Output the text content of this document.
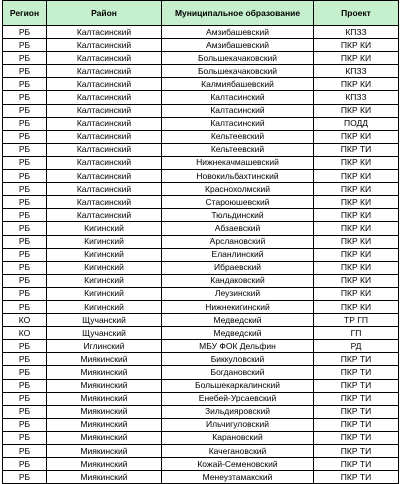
Регион	Район	Муниципальное образование	Проект
РБ	Калтасинский	Амзибашевский	КПЗЗ
РБ	Калтасинский	Амзибашевский	ПКР КИ
РБ	Калтасинский	Большекачаковский	ПКР КИ
РБ	Калтасинский	Большекачаковский	КПЗЗ
РБ	Калтасинский	Калмиябашевский	ПКР КИ
РБ	Калтасинский	Калтасинский	КПЗЗ
РБ	Калтасинский	Калтасинский	ПКР КИ
РБ	Калтасинский	Калтасинский	ПОДД
РБ	Калтасинский	Кельтеевский	ПКР КИ
РБ	Калтасинский	Кельтеевский	ПКР ТИ
РБ	Калтасинский	Нижнекачмашевский	ПКР КИ
РБ	Калтасинский	Новокильбахтинский	ПКР КИ
РБ	Калтасинский	Краснохолмский	ПКР КИ
РБ	Калтасинский	Староюшевский	ПКР КИ
РБ	Калтасинский	Тюльдинский	ПКР КИ
РБ	Кигинский	Абзаевский	ПКР КИ
РБ	Кигинский	Арслановский	ПКР КИ
РБ	Кигинский	Еланлинский	ПКР КИ
РБ	Кигинский	Ибраевский	ПКР КИ
РБ	Кигинский	Кандаковский	ПКР КИ
РБ	Кигинский	Леузинский	ПКР КИ
РБ	Кигинский	Нижнекигинский	ПКР КИ
КО	Щучанский	Медведский	ТР ГП
КО	Щучанский	Медведский	ГП
РБ	Иглинский	МБУ ФОК Дельфин	РД
РБ	Миякинский	Биккуловский	ПКР ТИ
РБ	Миякинский	Богдановский	ПКР ТИ
РБ	Миякинский	Большекаркалинский	ПКР ТИ
РБ	Миякинский	Енебей-Урсаевский	ПКР ТИ
РБ	Миякинский	Зильдияровский	ПКР ТИ
РБ	Миякинский	Ильчигуловский	ПКР ТИ
РБ	Миякинский	Карановский	ПКР ТИ
РБ	Миякинский	Качегановский	ПКР ТИ
РБ	Миякинский	Кожай-Семеновский	ПКР ТИ
РБ	Миякинский	Менеузтамакский	ПКР ТИ
